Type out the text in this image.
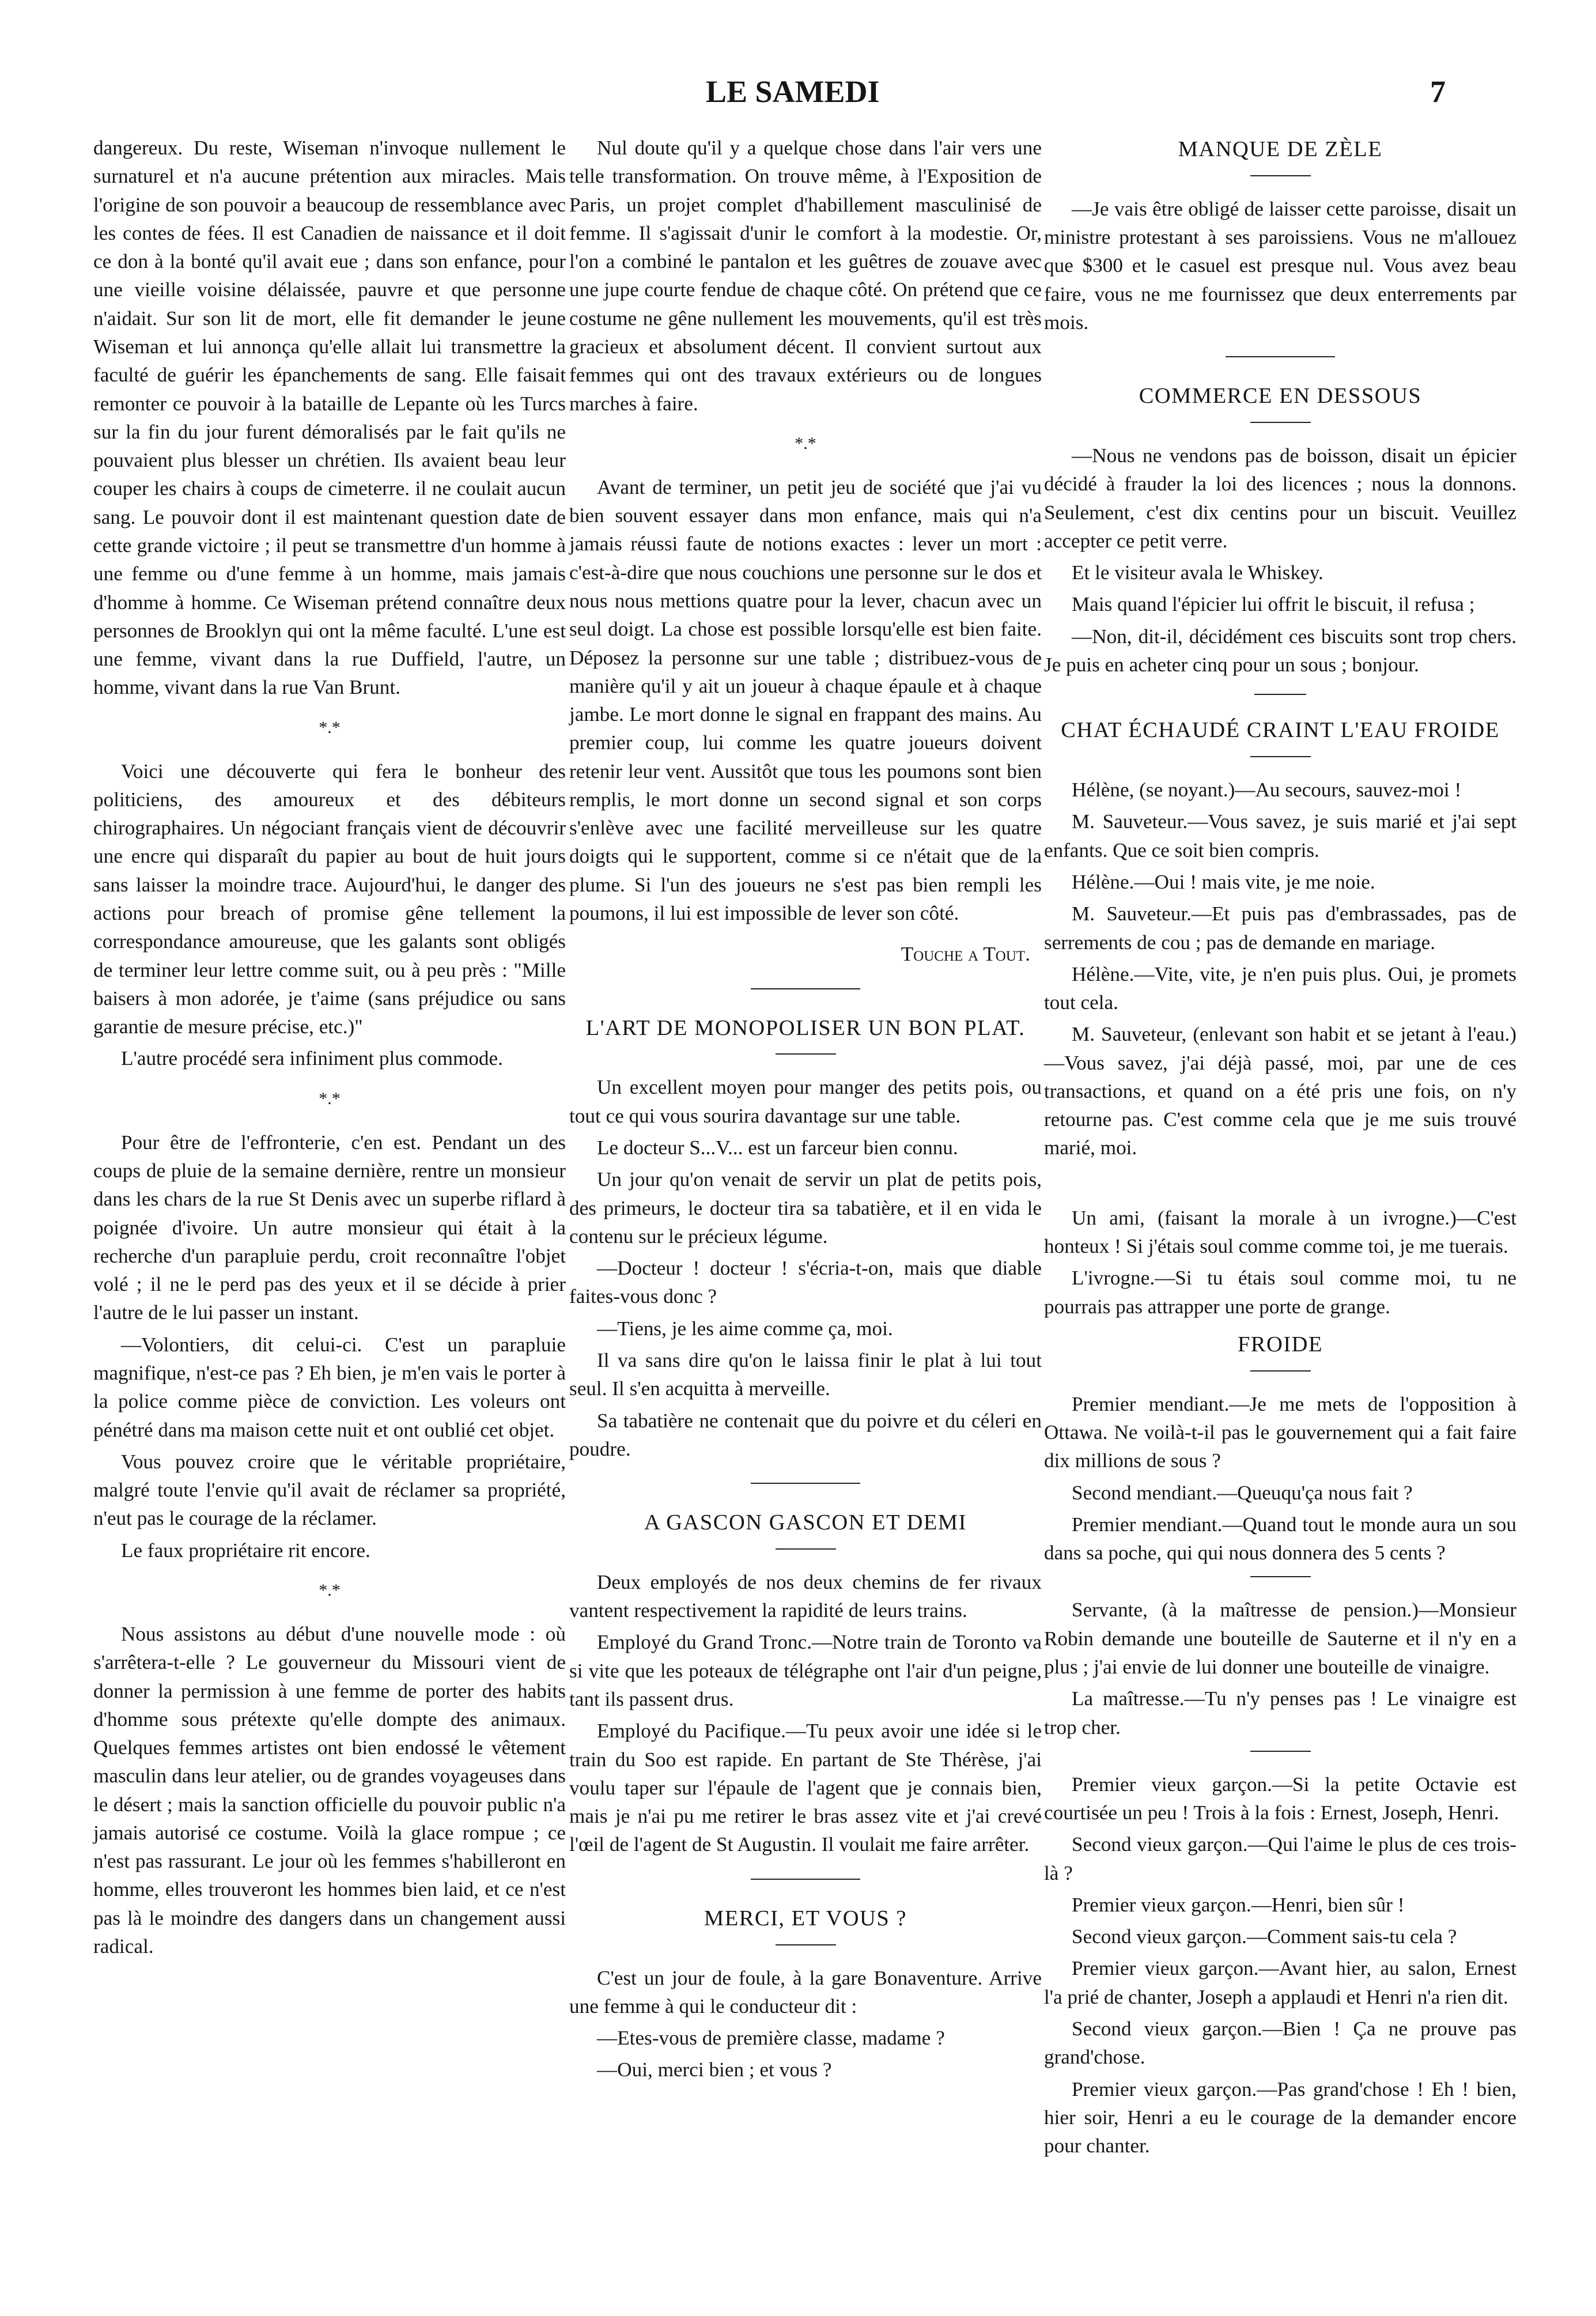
LE SAMEDI	7

dangereux. Du reste, Wiseman n'invoque nullement le surnaturel et n'a aucune prétention aux miracles. Mais l'origine de son pouvoir a beaucoup de ressemblance avec les contes de fées. Il est Canadien de naissance et il doit ce don à la bonté qu'il avait eue ; dans son enfance, pour une vieille voisine délaissée, pauvre et que personne n'aidait. Sur son lit de mort, elle fit demander le jeune Wiseman et lui annonça qu'elle allait lui transmettre la faculté de guérir les épanchements de sang. Elle faisait remonter ce pouvoir à la bataille de Lepante où les Turcs sur la fin du jour furent démoralisés par le fait qu'ils ne pouvaient plus blesser un chrétien. Ils avaient beau leur couper les chairs à coups de cimeterre. il ne coulait aucun sang. Le pouvoir dont il est maintenant question date de cette grande victoire ; il peut se transmettre d'un homme à une femme ou d'une femme à un homme, mais jamais d'homme à homme. Ce Wiseman prétend connaître deux personnes de Brooklyn qui ont la même faculté. L'une est une femme, vivant dans la rue Duffield, l'autre, un homme, vivant dans la rue Van Brunt.

*.*

Voici une découverte qui fera le bonheur des politiciens, des amoureux et des débiteurs chirographaires. Un négociant français vient de découvrir une encre qui disparaît du papier au bout de huit jours sans laisser la moindre trace. Aujourd'hui, le danger des actions pour breach of promise gêne tellement la correspondance amoureuse, que les galants sont obligés de terminer leur lettre comme suit, ou à peu près : "Mille baisers à mon adorée, je t'aime (sans préjudice ou sans garantie de mesure précise, etc.)"

L'autre procédé sera infiniment plus commode.

*.*

Pour être de l'effronterie, c'en est. Pendant un des coups de pluie de la semaine dernière, rentre un monsieur dans les chars de la rue St Denis avec un superbe riflard à poignée d'ivoire. Un autre monsieur qui était à la recherche d'un parapluie perdu, croit reconnaître l'objet volé ; il ne le perd pas des yeux et il se décide à prier l'autre de le lui passer un instant.

—Volontiers, dit celui-ci. C'est un parapluie magnifique, n'est-ce pas ? Eh bien, je m'en vais le porter à la police comme pièce de conviction. Les voleurs ont pénétré dans ma maison cette nuit et ont oublié cet objet.

Vous pouvez croire que le véritable propriétaire, malgré toute l'envie qu'il avait de réclamer sa propriété, n'eut pas le courage de la réclamer.

Le faux propriétaire rit encore.

*.*

Nous assistons au début d'une nouvelle mode : où s'arrêtera-t-elle ? Le gouverneur du Missouri vient de donner la permission à une femme de porter des habits d'homme sous prétexte qu'elle dompte des animaux. Quelques femmes artistes ont bien endossé le vêtement masculin dans leur atelier, ou de grandes voyageuses dans le désert ; mais la sanction officielle du pouvoir public n'a jamais autorisé ce costume. Voilà la glace rompue ; ce n'est pas rassurant. Le jour où les femmes s'habilleront en homme, elles trouveront les hommes bien laid, et ce n'est pas là le moindre des dangers dans un changement aussi radical.

Nul doute qu'il y a quelque chose dans l'air vers une telle transformation. On trouve même, à l'Exposition de Paris, un projet complet d'habillement masculinisé de femme. Il s'agissait d'unir le comfort à la modestie. Or, l'on a combiné le pantalon et les guêtres de zouave avec une jupe courte fendue de chaque côté. On prétend que ce costume ne gêne nullement les mouvements, qu'il est très gracieux et absolument décent. Il convient surtout aux femmes qui ont des travaux extérieurs ou de longues marches à faire.

*.*

Avant de terminer, un petit jeu de société que j'ai vu bien souvent essayer dans mon enfance, mais qui n'a jamais réussi faute de notions exactes : lever un mort : c'est-à-dire que nous couchions une personne sur le dos et nous nous mettions quatre pour la lever, chacun avec un seul doigt. La chose est possible lorsqu'elle est bien faite. Déposez la personne sur une table ; distribuez-vous de manière qu'il y ait un joueur à chaque épaule et à chaque jambe. Le mort donne le signal en frappant des mains. Au premier coup, lui comme les quatre joueurs doivent retenir leur vent. Aussitôt que tous les poumons sont bien remplis, le mort donne un second signal et son corps s'enlève avec une facilité merveilleuse sur les quatre doigts qui le supportent, comme si ce n'était que de la plume. Si l'un des joueurs ne s'est pas bien rempli les poumons, il lui est impossible de lever son côté.

Touche a Tout.
L'ART DE MONOPOLISER UN BON PLAT.

Un excellent moyen pour manger des petits pois, ou tout ce qui vous sourira davantage sur une table.

Le docteur S...V... est un farceur bien connu.

Un jour qu'on venait de servir un plat de petits pois, des primeurs, le docteur tira sa tabatière, et il en vida le contenu sur le précieux légume.

—Docteur ! docteur ! s'écria-t-on, mais que diable faites-vous donc ?

—Tiens, je les aime comme ça, moi.

Il va sans dire qu'on le laissa finir le plat à lui tout seul. Il s'en acquitta à merveille.

Sa tabatière ne contenait que du poivre et du céleri en poudre.

A GASCON GASCON ET DEMI

Deux employés de nos deux chemins de fer rivaux vantent respectivement la rapidité de leurs trains.

Employé du Grand Tronc.—Notre train de Toronto va si vite que les poteaux de télégraphe ont l'air d'un peigne, tant ils passent drus.

Employé du Pacifique.—Tu peux avoir une idée si le train du Soo est rapide. En partant de Ste Thérèse, j'ai voulu taper sur l'épaule de l'agent que je connais bien, mais je n'ai pu me retirer le bras assez vite et j'ai crevé l'œil de l'agent de St Augustin. Il voulait me faire arrêter.

MERCI, ET VOUS ?

C'est un jour de foule, à la gare Bonaventure. Arrive une femme à qui le conducteur dit :

—Etes-vous de première classe, madame ?

—Oui, merci bien ; et vous ?

MANQUE DE ZÈLE

—Je vais être obligé de laisser cette paroisse, disait un ministre protestant à ses paroissiens. Vous ne m'allouez que $300 et le casuel est presque nul. Vous avez beau faire, vous ne me fournissez que deux enterrements par mois.

COMMERCE EN DESSOUS

—Nous ne vendons pas de boisson, disait un épicier décidé à frauder la loi des licences ; nous la donnons. Seulement, c'est dix centins pour un biscuit. Veuillez accepter ce petit verre.

Et le visiteur avala le Whiskey.

Mais quand l'épicier lui offrit le biscuit, il refusa ;

—Non, dit-il, décidément ces biscuits sont trop chers. Je puis en acheter cinq pour un sous ; bonjour.

CHAT ÉCHAUDÉ CRAINT L'EAU FROIDE

Hélène, (se noyant.)—Au secours, sauvez-moi !

M. Sauveteur.—Vous savez, je suis marié et j'ai sept enfants. Que ce soit bien compris.

Hélène.—Oui ! mais vite, je me noie.

M. Sauveteur.—Et puis pas d'embrassades, pas de serrements de cou ; pas de demande en mariage.

Hélène.—Vite, vite, je n'en puis plus. Oui, je promets tout cela.

M. Sauveteur, (enlevant son habit et se jetant à l'eau.)—Vous savez, j'ai déjà passé, moi, par une de ces transactions, et quand on a été pris une fois, on n'y retourne pas. C'est comme cela que je me suis trouvé marié, moi.

Un ami, (faisant la morale à un ivrogne.)—C'est honteux ! Si j'étais soul comme comme toi, je me tuerais.

L'ivrogne.—Si tu étais soul comme moi, tu ne pourrais pas attrapper une porte de grange.

FROIDE

Premier mendiant.—Je me mets de l'opposition à Ottawa. Ne voilà-t-il pas le gouvernement qui a fait faire dix millions de sous ?

Second mendiant.—Queuqu'ça nous fait ?

Premier mendiant.—Quand tout le monde aura un sou dans sa poche, qui qui nous donnera des 5 cents ?

Servante, (à la maîtresse de pension.)—Monsieur Robin demande une bouteille de Sauterne et il n'y en a plus ; j'ai envie de lui donner une bouteille de vinaigre.

La maîtresse.—Tu n'y penses pas ! Le vinaigre est trop cher.

Premier vieux garçon.—Si la petite Octavie est courtisée un peu ! Trois à la fois : Ernest, Joseph, Henri.

Second vieux garçon.—Qui l'aime le plus de ces trois-là ?

Premier vieux garçon.—Henri, bien sûr !

Second vieux garçon.—Comment sais-tu cela ?

Premier vieux garçon.—Avant hier, au salon, Ernest l'a prié de chanter, Joseph a applaudi et Henri n'a rien dit.

Second vieux garçon.—Bien ! Ça ne prouve pas grand'chose.

Premier vieux garçon.—Pas grand'chose ! Eh ! bien, hier soir, Henri a eu le courage de la demander encore pour chanter.
